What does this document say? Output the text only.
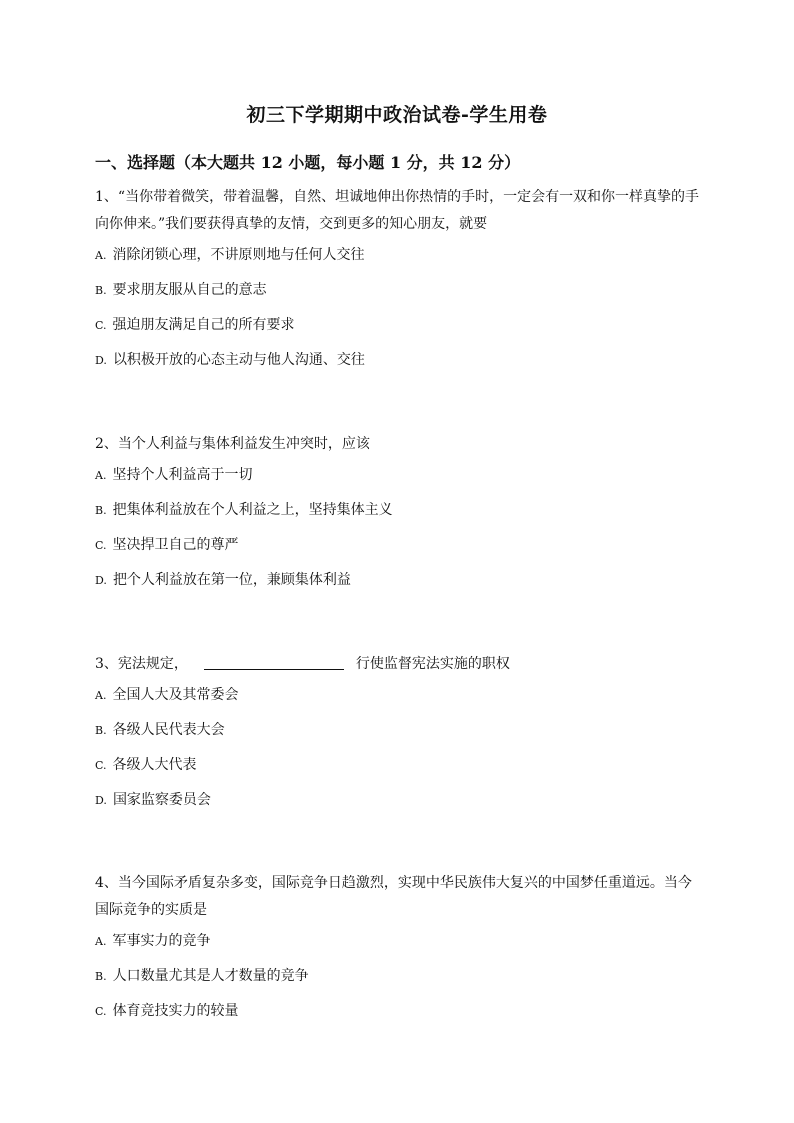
初三下学期期中政治试卷-学生用卷
一、选择题（本大题共 12 小题，每小题 1 分，共 12 分）

1、“当你带着微笑，带着温馨，自然、坦诚地伸出你热情的手时，一定会有一双和你一样真挚的手向你伸来。”我们要获得真挚的友情，交到更多的知心朋友，就要

A. 消除闭锁心理，不讲原则地与任何人交往
B. 要求朋友服从自己的意志
C. 强迫朋友满足自己的所有要求
D. 以积极开放的心态主动与他人沟通、交往

2、当个人利益与集体利益发生冲突时，应该

A. 坚持个人利益高于一切
B. 把集体利益放在个人利益之上，坚持集体主义
C. 坚决捍卫自己的尊严
D. 把个人利益放在第一位，兼顾集体利益

3、宪法规定，	行使监督宪法实施的职权

A. 全国人大及其常委会
B. 各级人民代表大会
C. 各级人大代表
D. 国家监察委员会

4、当今国际矛盾复杂多变，国际竞争日趋激烈，实现中华民族伟大复兴的中国梦任重道远。当今国际竞争的实质是

A. 军事实力的竞争
B. 人口数量尤其是人才数量的竞争
C. 体育竞技实力的较量
